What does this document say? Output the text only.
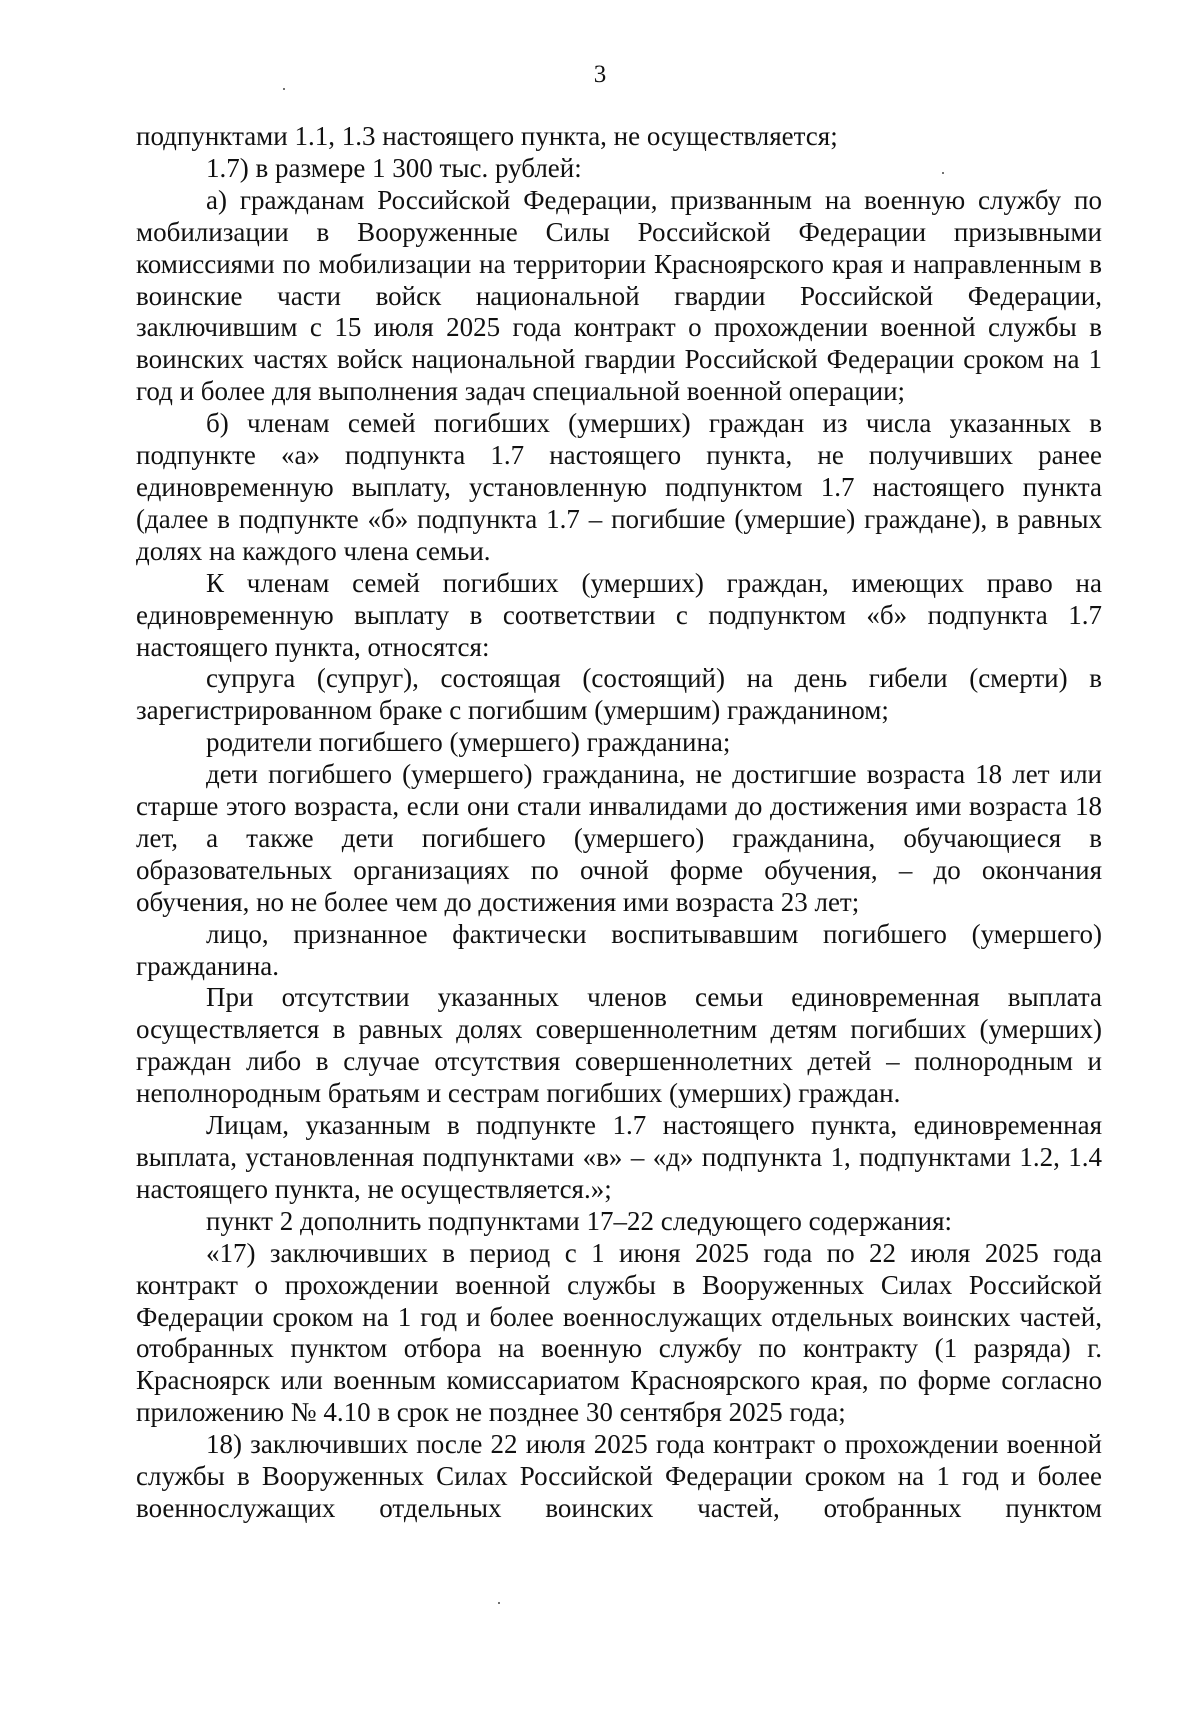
3

подпунктами 1.1, 1.3 настоящего пункта, не осуществляется;

1.7) в размере 1 300 тыс. рублей:

а) гражданам Российской Федерации, призванным на военную службу по мобилизации в Вооруженные Силы Российской Федерации призывными комиссиями по мобилизации на территории Красноярского края и направленным в воинские части войск национальной гвардии Российской Федерации, заключившим с 15 июля 2025 года контракт о прохождении военной службы в воинских частях войск национальной гвардии Российской Федерации сроком на 1 год и более для выполнения задач специальной военной операции;

б) членам семей погибших (умерших) граждан из числа указанных в подпункте «а» подпункта 1.7 настоящего пункта, не получивших ранее единовременную выплату, установленную подпунктом 1.7 настоящего пункта (далее в подпункте «б» подпункта 1.7 – погибшие (умершие) граждане), в равных долях на каждого члена семьи.

К членам семей погибших (умерших) граждан, имеющих право на единовременную выплату в соответствии с подпунктом «б» подпункта 1.7 настоящего пункта, относятся:

супруга (супруг), состоящая (состоящий) на день гибели (смерти) в зарегистрированном браке с погибшим (умершим) гражданином;

родители погибшего (умершего) гражданина;

дети погибшего (умершего) гражданина, не достигшие возраста 18 лет или старше этого возраста, если они стали инвалидами до достижения ими возраста 18 лет, а также дети погибшего (умершего) гражданина, обучающиеся в образовательных организациях по очной форме обучения, – до окончания обучения, но не более чем до достижения ими возраста 23 лет;

лицо, признанное фактически воспитывавшим погибшего (умершего) гражданина.

При отсутствии указанных членов семьи единовременная выплата осуществляется в равных долях совершеннолетним детям погибших (умерших) граждан либо в случае отсутствия совершеннолетних детей – полнородным и неполнородным братьям и сестрам погибших (умерших) граждан.

Лицам, указанным в подпункте 1.7 настоящего пункта, единовременная выплата, установленная подпунктами «в» – «д» подпункта 1, подпунктами 1.2, 1.4 настоящего пункта, не осуществляется.»;

пункт 2 дополнить подпунктами 17–22 следующего содержания:

«17) заключивших в период с 1 июня 2025 года по 22 июля 2025 года контракт о прохождении военной службы в Вооруженных Силах Российской Федерации сроком на 1 год и более военнослужащих отдельных воинских частей, отобранных пунктом отбора на военную службу по контракту (1 разряда) г. Красноярск или военным комиссариатом Красноярского края, по форме согласно приложению № 4.10 в срок не позднее 30 сентября 2025 года;

18) заключивших после 22 июля 2025 года контракт о прохождении военной службы в Вооруженных Силах Российской Федерации сроком на 1 год и более военнослужащих отдельных воинских частей, отобранных пунктом
